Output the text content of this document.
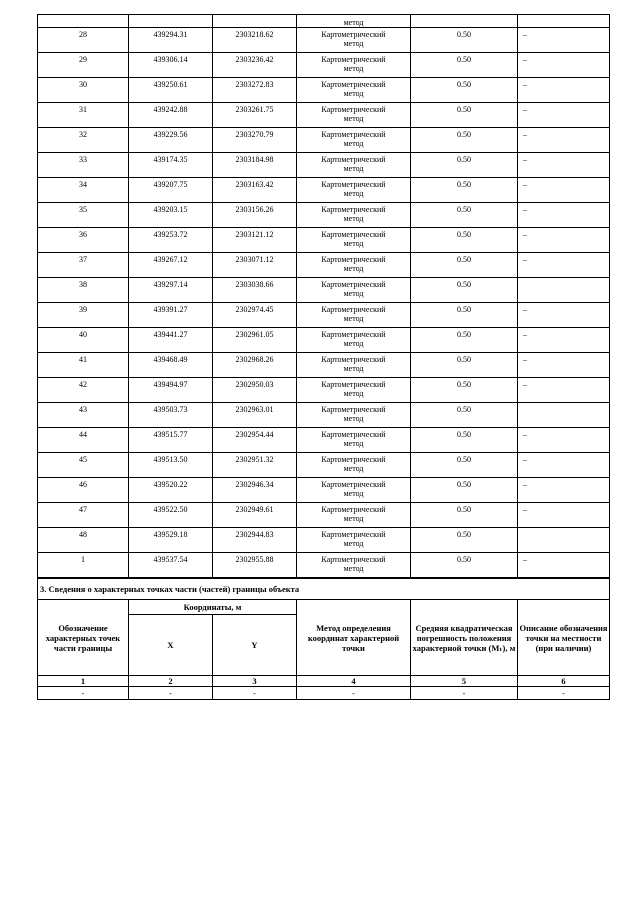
			метод		
28	439294.31	2303218.62	Картометрический
метод	0.50	–
29	439306.14	2303236.42	Картометрический
метод	0.50	–
30	439250.61	2303272.83	Картометрический
метод	0.50	–
31	439242.88	2303261.75	Картометрический
метод	0.50	–
32	439229.56	2303270.79	Картометрический
метод	0.50	–
33	439174.35	2303184.98	Картометрический
метод	0.50	–
34	439207.75	2303163.42	Картометрический
метод	0.50	–
35	439203.15	2303156.26	Картометрический
метод	0.50	–
36	439253.72	2303121.12	Картометрический
метод	0.50	–
37	439267.12	2303071.12	Картометрический
метод	0.50	–
38	439297.14	2303038.66	Картометрический
метод	0.50	
39	439391.27	2302974.45	Картометрический
метод	0.50	–
40	439441.27	2302961.05	Картометрический
метод	0.50	–
41	439468.49	2302968.26	Картометрический
метод	0.50	–
42	439494.97	2302950.03	Картометрический
метод	0.50	–
43	439503.73	2302963.01	Картометрический
метод	0.50	
44	439515.77	2302954.44	Картометрический
метод	0.50	–
45	439513.50	2302951.32	Картометрический
метод	0.50	–
46	439520.22	2302946.34	Картометрический
метод	0.50	–
47	439522.50	2302949.61	Картометрический
метод	0.50	–
48	439529.18	2302944.83	Картометрический
метод	0.50	
1	439537.54	2302955.88	Картометрический
метод	0.50	–
3. Сведения о характерных точках части (частей) границы объекта					
Обозначение характерных точек части границы	Координаты, м		Метод определения координат характерной точки	Средняя квадратическая погрешность положения характерной точки (Mₜ), м	Описание обозначения точки на местности (при наличии)
	X	Y			
1	2	3	4	5	6
-	-	-	-	-	-
